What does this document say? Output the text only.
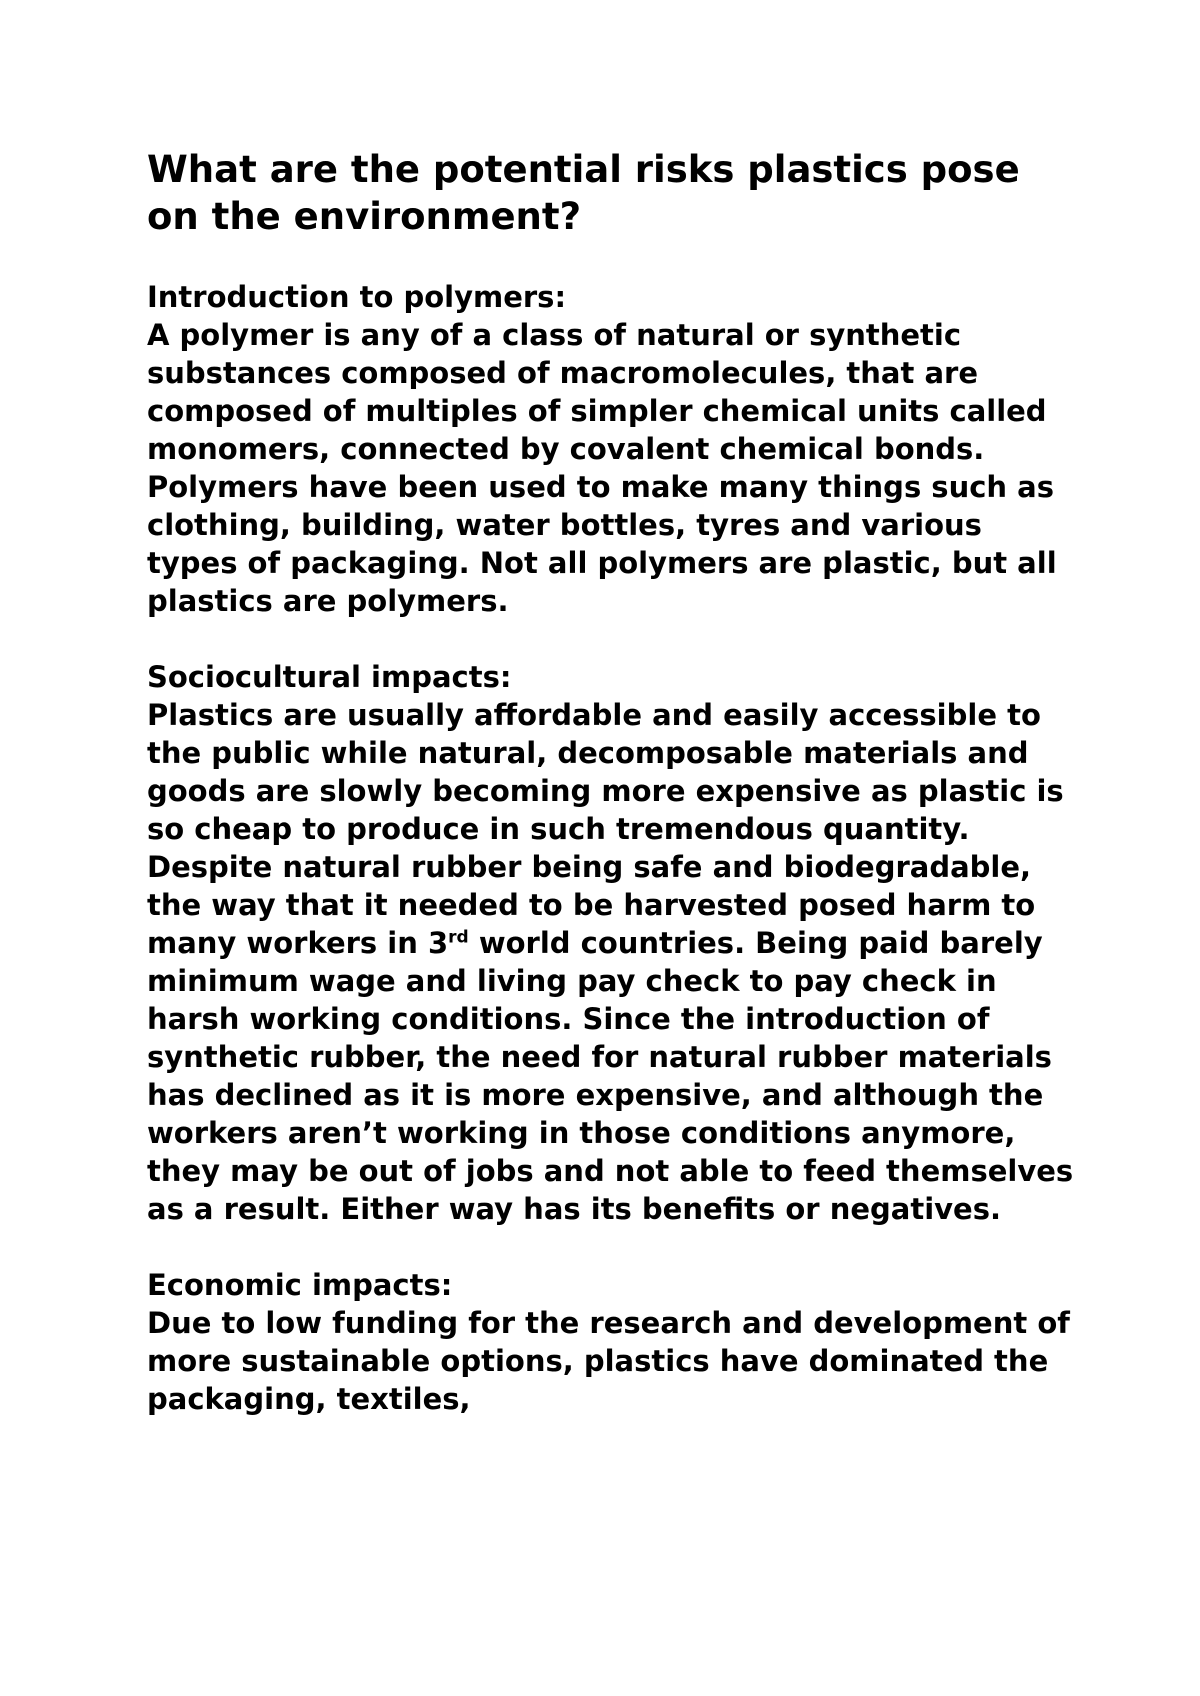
What are the potential risks plastics pose on the environment?

Introduction to polymers:

A polymer is any of a class of natural or synthetic substances composed of macromolecules, that are composed of multiples of simpler chemical units called monomers, connected by covalent chemical bonds. Polymers have been used to make many things such as clothing, building, water bottles, tyres and various types of packaging. Not all polymers are plastic, but all plastics are polymers.

Sociocultural impacts:

Plastics are usually affordable and easily accessible to the public while natural, decomposable materials and goods are slowly becoming more expensive as plastic is so cheap to produce in such tremendous quantity. Despite natural rubber being safe and biodegradable, the way that it needed to be harvested posed harm to many workers in 3rd world countries. Being paid barely minimum wage and living pay check to pay check in harsh working conditions. Since the introduction of synthetic rubber, the need for natural rubber materials has declined as it is more expensive, and although the workers aren’t working in those conditions anymore, they may be out of jobs and not able to feed themselves as a result. Either way has its benefits or negatives.

Economic impacts:

Due to low funding for the research and development of more sustainable options, plastics have dominated the packaging, textiles,
